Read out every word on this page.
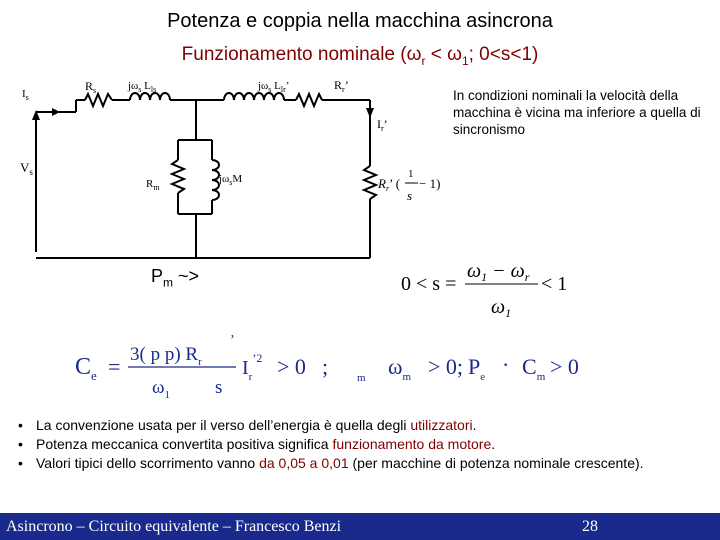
Potenza e coppia nella macchina asincrona
Funzionamento nominale ($\omega_r < \omega_1$; 0<s<1)
$I_s$
$R_s$	$j\omega_s$ $L_{ls}$	$j\omega_s$ $L_{lr}$’	$R_r$’
$I_r$’
$V_s$
$R_m$
$j\omega_sM$	$R_r$’ (
1
s
− 1)
In condizioni nominali la velocità della macchina è vicina ma inferiore a quella di sincronismo
$P_m$ ~>	0 < s =
$\omega_1 - \omega_r$
$\omega_1$
< 1
$C_e = 3$( p p) $R_r$
’
$\omega_1$ s
$I_r^{’2} > 0$ ;	m $\omega_m > 0$; $P_e \cdot C_m > 0$
• La convenzione usata per il verso dell’energia è quella degli utilizzatori.
• Potenza meccanica convertita positiva significa funzionamento da motore.
• Valori tipici dello scorrimento vanno da 0,05 a 0,01 (per macchine di potenza nominale crescente).
Asincrono – Circuito equivalente – Francesco Benzi	28
